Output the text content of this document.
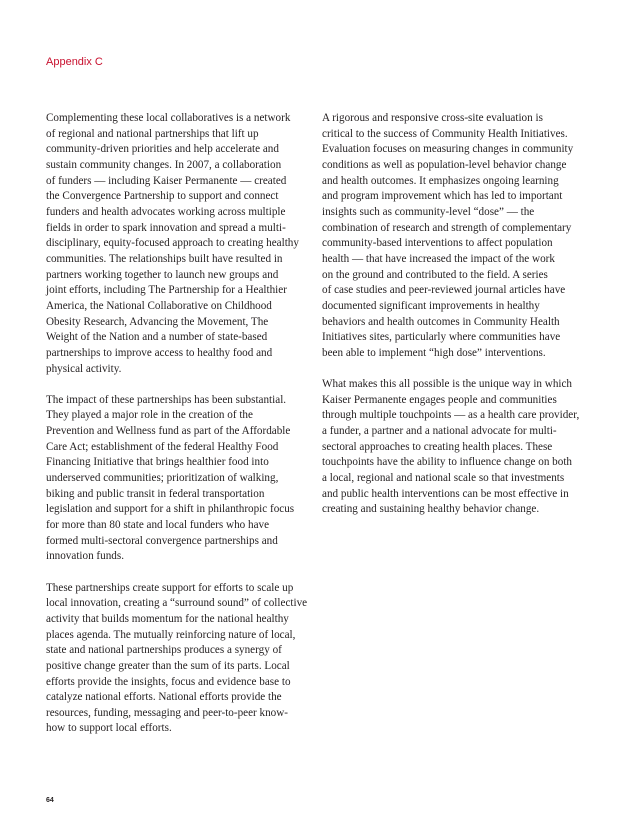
Appendix C

Complementing these local collaboratives is a network
of regional and national partnerships that lift up
community-driven priorities and help accelerate and
sustain community changes. In 2007, a collaboration
of funders — including Kaiser Permanente — created
the Convergence Partnership to support and connect
funders and health advocates working across multiple
fields in order to spark innovation and spread a multi-
disciplinary, equity-focused approach to creating healthy
communities. The relationships built have resulted in
partners working together to launch new groups and
joint efforts, including The Partnership for a Healthier
America, the National Collaborative on Childhood
Obesity Research, Advancing the Movement, The
Weight of the Nation and a number of state-based
partnerships to improve access to healthy food and
physical activity.

The impact of these partnerships has been substantial.
They played a major role in the creation of the
Prevention and Wellness fund as part of the Affordable
Care Act; establishment of the federal Healthy Food
Financing Initiative that brings healthier food into
underserved communities; prioritization of walking,
biking and public transit in federal transportation
legislation and support for a shift in philanthropic focus
for more than 80 state and local funders who have
formed multi-sectoral convergence partnerships and
innovation funds.

These partnerships create support for efforts to scale up
local innovation, creating a “surround sound” of collective
activity that builds momentum for the national healthy
places agenda. The mutually reinforcing nature of local,
state and national partnerships produces a synergy of
positive change greater than the sum of its parts. Local
efforts provide the insights, focus and evidence base to
catalyze national efforts. National efforts provide the
resources, funding, messaging and peer-to-peer know-
how to support local efforts.

A rigorous and responsive cross-site evaluation is
critical to the success of Community Health Initiatives.
Evaluation focuses on measuring changes in community
conditions as well as population-level behavior change
and health outcomes. It emphasizes ongoing learning
and program improvement which has led to important
insights such as community-level “dose” — the
combination of research and strength of complementary
community-based interventions to affect population
health — that have increased the impact of the work
on the ground and contributed to the field. A series
of case studies and peer-reviewed journal articles have
documented significant improvements in healthy
behaviors and health outcomes in Community Health
Initiatives sites, particularly where communities have
been able to implement “high dose” interventions.

What makes this all possible is the unique way in which
Kaiser Permanente engages people and communities
through multiple touchpoints — as a health care provider,
a funder, a partner and a national advocate for multi-
sectoral approaches to creating health places. These
touchpoints have the ability to influence change on both
a local, regional and national scale so that investments
and public health interventions can be most effective in
creating and sustaining healthy behavior change.

64
